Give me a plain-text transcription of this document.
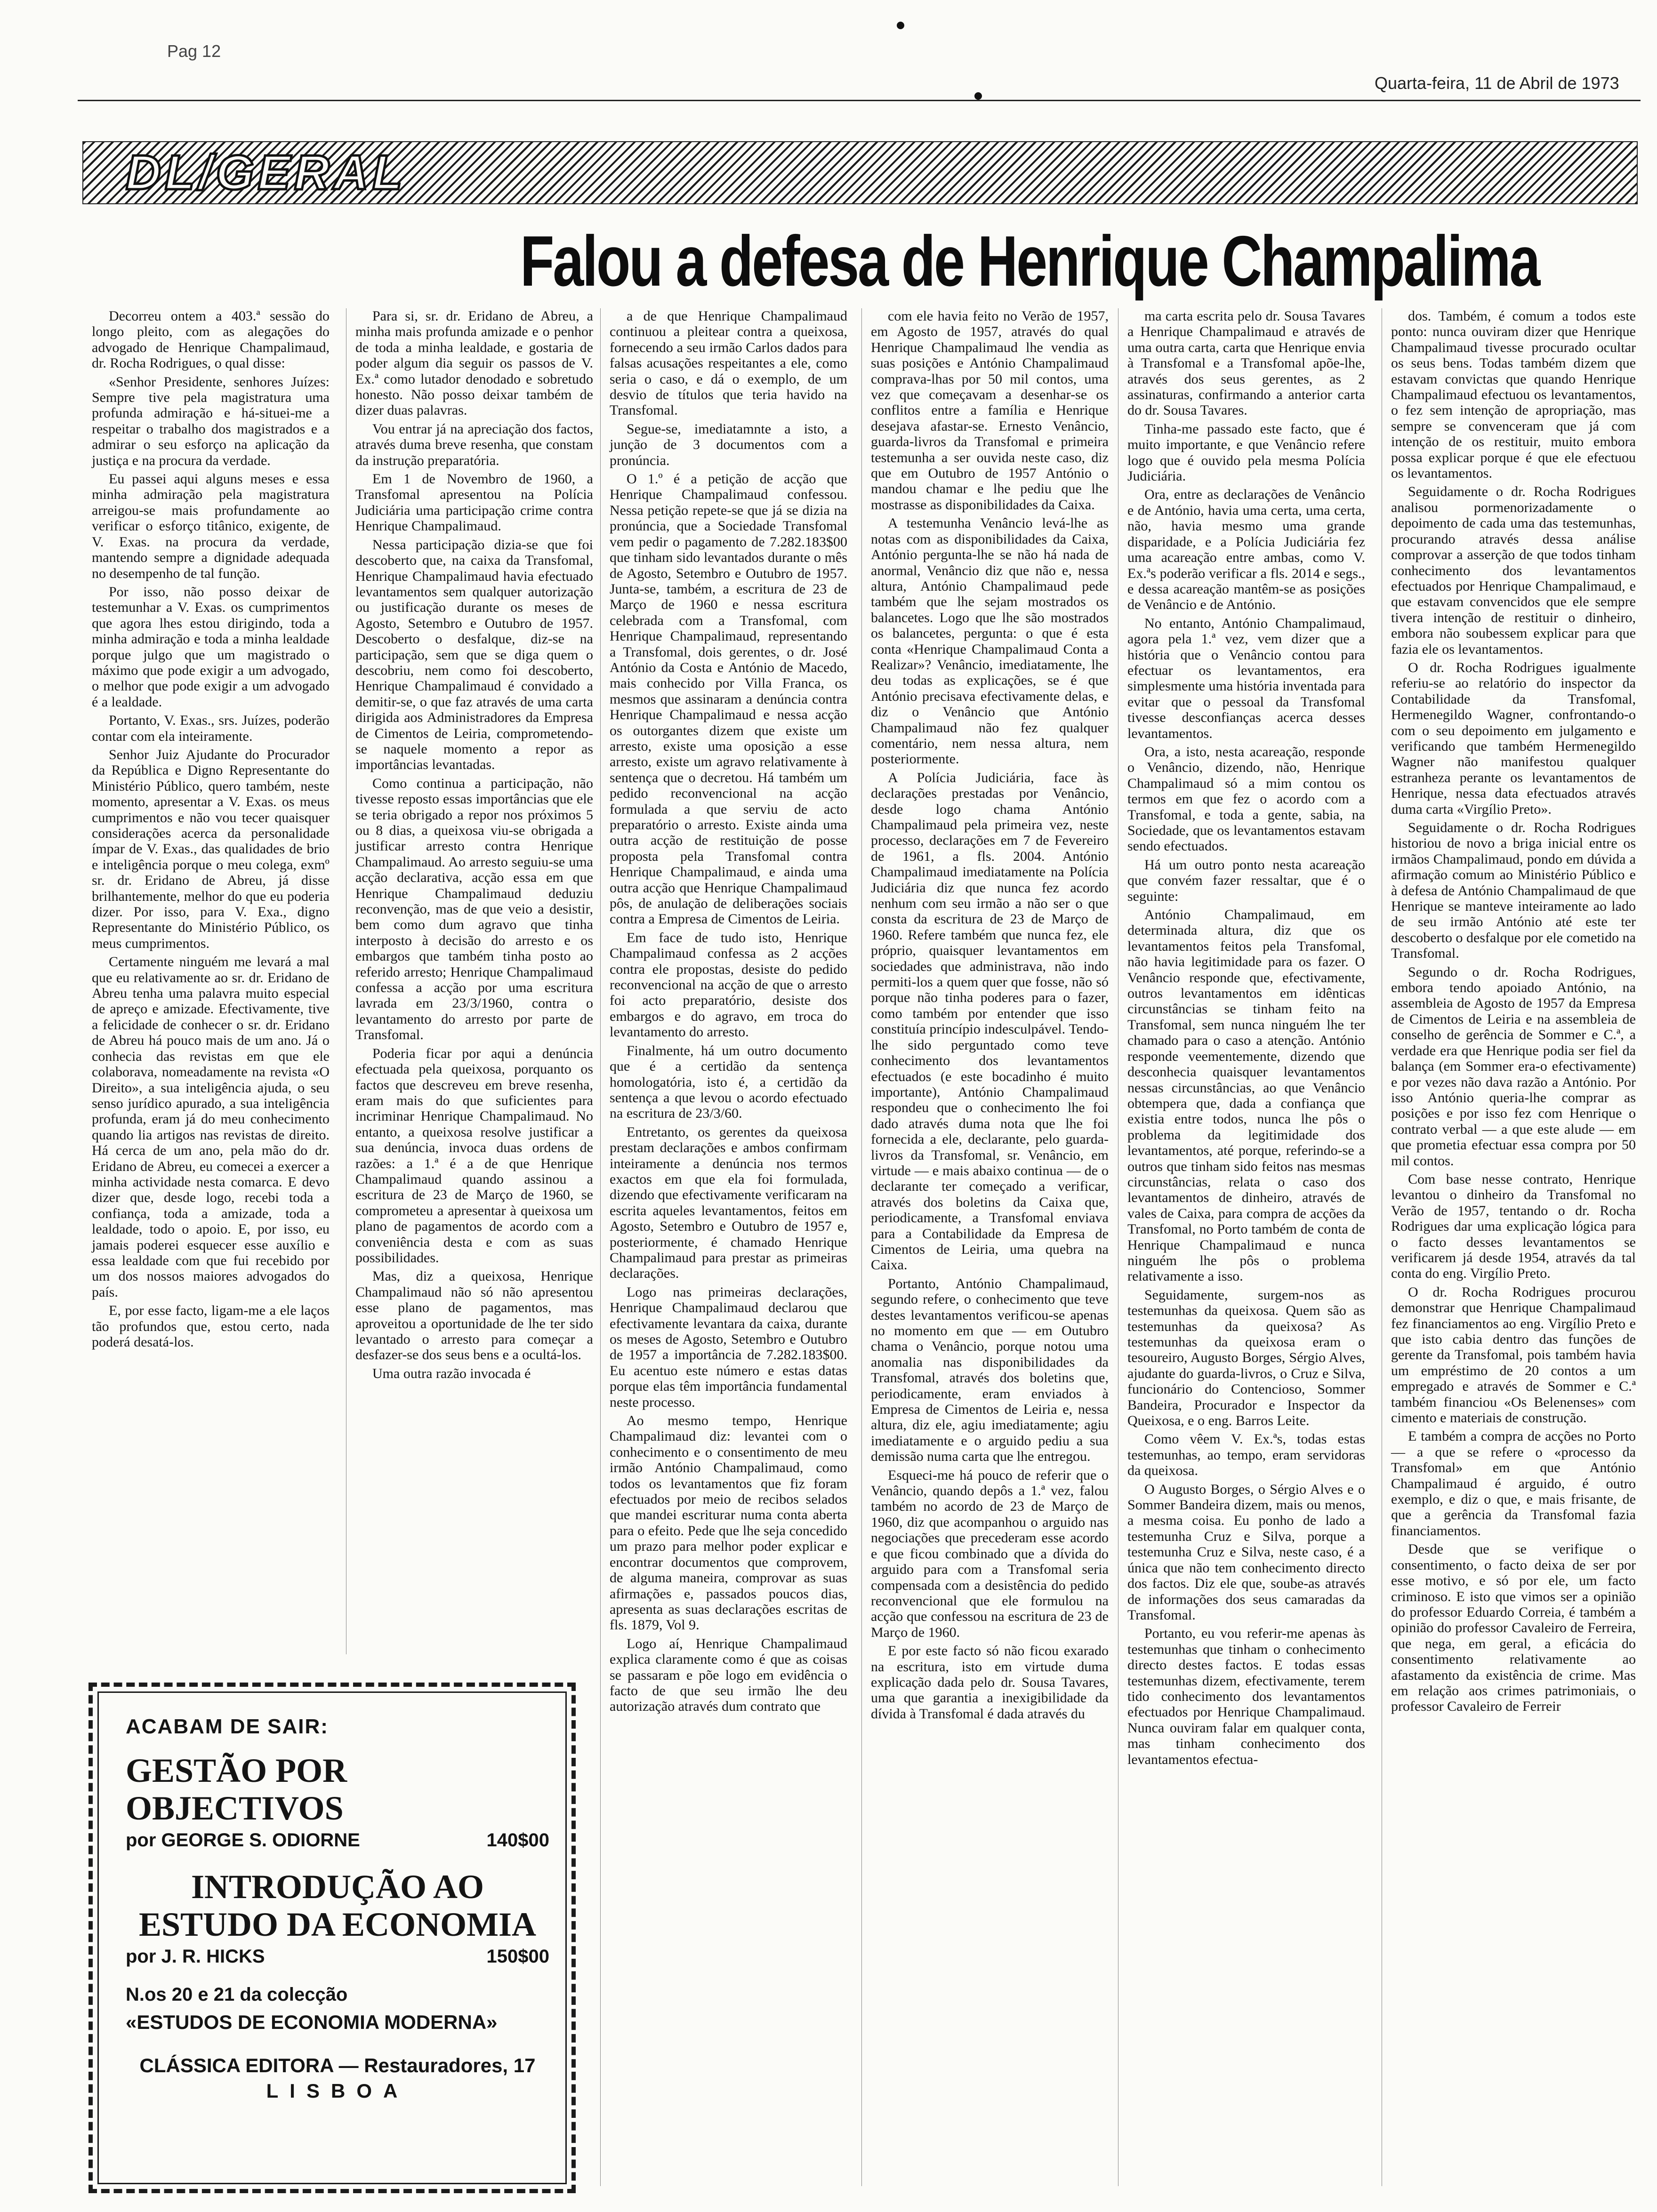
Pag 12
Quarta-feira, 11 de Abril de 1973
DL/GERAL
Falou a defesa de Henrique Champalima

Decorreu ontem a 403.ª sessão do longo pleito, com as alegações do advogado de Henrique Champalimaud, dr. Rocha Rodrigues, o qual disse:

«Senhor Presidente, senhores Juízes: Sempre tive pela magistratura uma profunda admiração e há-situei-me a respeitar o trabalho dos magistrados e a admirar o seu esforço na aplicação da justiça e na procura da verdade.

Eu passei aqui alguns meses e essa minha admiração pela magistratura arreigou-se mais profundamente ao verificar o esforço titânico, exigente, de V. Exas. na procura da verdade, mantendo sempre a dignidade adequada no desempenho de tal função.

Por isso, não posso deixar de testemunhar a V. Exas. os cumprimentos que agora lhes estou dirigindo, toda a minha admiração e toda a minha lealdade porque julgo que um magistrado o máximo que pode exigir a um advogado, o melhor que pode exigir a um advogado é a lealdade.

Portanto, V. Exas., srs. Juízes, poderão contar com ela inteiramente.

Senhor Juiz Ajudante do Procurador da República e Digno Representante do Ministério Público, quero também, neste momento, apresentar a V. Exas. os meus cumprimentos e não vou tecer quaisquer considerações acerca da personalidade ímpar de V. Exas., das qualidades de brio e inteligência porque o meu colega, exmº sr. dr. Eridano de Abreu, já disse brilhantemente, melhor do que eu poderia dizer. Por isso, para V. Exa., digno Representante do Ministério Público, os meus cumprimentos.

Certamente ninguém me levará a mal que eu relativamente ao sr. dr. Eridano de Abreu tenha uma palavra muito especial de apreço e amizade. Efectivamente, tive a felicidade de conhecer o sr. dr. Eridano de Abreu há pouco mais de um ano. Já o conhecia das revistas em que ele colaborava, nomeadamente na revista «O Direito», a sua inteligência ajuda, o seu senso jurídico apurado, a sua inteligência profunda, eram já do meu conhecimento quando lia artigos nas revistas de direito. Há cerca de um ano, pela mão do dr. Eridano de Abreu, eu comecei a exercer a minha actividade nesta comarca. E devo dizer que, desde logo, recebi toda a confiança, toda a amizade, toda a lealdade, todo o apoio. E, por isso, eu jamais poderei esquecer esse auxílio e essa lealdade com que fui recebido por um dos nossos maiores advogados do país.

E, por esse facto, ligam-me a ele laços tão profundos que, estou certo, nada poderá desatá-los.

Para si, sr. dr. Eridano de Abreu, a minha mais profunda amizade e o penhor de toda a minha lealdade, e gostaria de poder algum dia seguir os passos de V. Ex.ª como lutador denodado e sobretudo honesto. Não posso deixar também de dizer duas palavras.

Vou entrar já na apreciação dos factos, através duma breve resenha, que constam da instrução preparatória.

Em 1 de Novembro de 1960, a Transfomal apresentou na Polícia Judiciária uma participação crime contra Henrique Champalimaud.

Nessa participação dizia-se que foi descoberto que, na caixa da Transfomal, Henrique Champalimaud havia efectuado levantamentos sem qualquer autorização ou justificação durante os meses de Agosto, Setembro e Outubro de 1957. Descoberto o desfalque, diz-se na participação, sem que se diga quem o descobriu, nem como foi descoberto, Henrique Champalimaud é convidado a demitir-se, o que faz através de uma carta dirigida aos Administradores da Empresa de Cimentos de Leiria, comprometendo-se naquele momento a repor as importâncias levantadas.

Como continua a participação, não tivesse reposto essas importâncias que ele se teria obrigado a repor nos próximos 5 ou 8 dias, a queixosa viu-se obrigada a justificar arresto contra Henrique Champalimaud. Ao arresto seguiu-se uma acção declarativa, acção essa em que Henrique Champalimaud deduziu reconvenção, mas de que veio a desistir, bem como dum agravo que tinha interposto à decisão do arresto e os embargos que também tinha posto ao referido arresto; Henrique Champalimaud confessa a acção por uma escritura lavrada em 23/3/1960, contra o levantamento do arresto por parte de Transfomal.

Poderia ficar por aqui a denúncia efectuada pela queixosa, porquanto os factos que descreveu em breve resenha, eram mais do que suficientes para incriminar Henrique Champalimaud. No entanto, a queixosa resolve justificar a sua denúncia, invoca duas ordens de razões: a 1.ª é a de que Henrique Champalimaud quando assinou a escritura de 23 de Março de 1960, se comprometeu a apresentar à queixosa um plano de pagamentos de acordo com a conveniência desta e com as suas possibilidades.

Mas, diz a queixosa, Henrique Champalimaud não só não apresentou esse plano de pagamentos, mas aproveitou a oportunidade de lhe ter sido levantado o arresto para começar a desfazer-se dos seus bens e a ocultá-los.

Uma outra razão invocada é

a de que Henrique Champalimaud continuou a pleitear contra a queixosa, fornecendo a seu irmão Carlos dados para falsas acusações respeitantes a ele, como seria o caso, e dá o exemplo, de um desvio de títulos que teria havido na Transfomal.

Segue-se, imediatamnte a isto, a junção de 3 documentos com a pronúncia.

O 1.º é a petição de acção que Henrique Champalimaud confessou. Nessa petição repete-se que já se dizia na pronúncia, que a Sociedade Transfomal vem pedir o pagamento de 7.282.183$00 que tinham sido levantados durante o mês de Agosto, Setembro e Outubro de 1957. Junta-se, também, a escritura de 23 de Março de 1960 e nessa escritura celebrada com a Transfomal, com Henrique Champalimaud, representando a Transfomal, dois gerentes, o dr. José António da Costa e António de Macedo, mais conhecido por Villa Franca, os mesmos que assinaram a denúncia contra Henrique Champalimaud e nessa acção os outorgantes dizem que existe um arresto, existe uma oposição a esse arresto, existe um agravo relativamente à sentença que o decretou. Há também um pedido reconvencional na acção formulada a que serviu de acto preparatório o arresto. Existe ainda uma outra acção de restituição de posse proposta pela Transfomal contra Henrique Champalimaud, e ainda uma outra acção que Henrique Champalimaud pôs, de anulação de deliberações sociais contra a Empresa de Cimentos de Leiria.

Em face de tudo isto, Henrique Champalimaud confessa as 2 acções contra ele propostas, desiste do pedido reconvencional na acção de que o arresto foi acto preparatório, desiste dos embargos e do agravo, em troca do levantamento do arresto.

Finalmente, há um outro documento que é a certidão da sentença homologatória, isto é, a certidão da sentença a que levou o acordo efectuado na escritura de 23/3/60.

Entretanto, os gerentes da queixosa prestam declarações e ambos confirmam inteiramente a denúncia nos termos exactos em que ela foi formulada, dizendo que efectivamente verificaram na escrita aqueles levantamentos, feitos em Agosto, Setembro e Outubro de 1957 e, posteriormente, é chamado Henrique Champalimaud para prestar as primeiras declarações.

Logo nas primeiras declarações, Henrique Champalimaud declarou que efectivamente levantara da caixa, durante os meses de Agosto, Setembro e Outubro de 1957 a importância de 7.282.183$00. Eu acentuo este número e estas datas porque elas têm importância fundamental neste processo.

Ao mesmo tempo, Henrique Champalimaud diz: levantei com o conhecimento e o consentimento de meu irmão António Champalimaud, como todos os levantamentos que fiz foram efectuados por meio de recibos selados que mandei escriturar numa conta aberta para o efeito. Pede que lhe seja concedido um prazo para melhor poder explicar e encontrar documentos que comprovem, de alguma maneira, comprovar as suas afirmações e, passados poucos dias, apresenta as suas declarações escritas de fls. 1879, Vol 9.

Logo aí, Henrique Champalimaud explica claramente como é que as coisas se passaram e põe logo em evidência o facto de que seu irmão lhe deu autorização através dum contrato que

com ele havia feito no Verão de 1957, em Agosto de 1957, através do qual Henrique Champalimaud lhe vendia as suas posições e António Champalimaud comprava-lhas por 50 mil contos, uma vez que começavam a desenhar-se os conflitos entre a família e Henrique desejava afastar-se. Ernesto Venâncio, guarda-livros da Transfomal e primeira testemunha a ser ouvida neste caso, diz que em Outubro de 1957 António o mandou chamar e lhe pediu que lhe mostrasse as disponibilidades da Caixa.

A testemunha Venâncio levá-lhe as notas com as disponibilidades da Caixa, António pergunta-lhe se não há nada de anormal, Venâncio diz que não e, nessa altura, António Champalimaud pede também que lhe sejam mostrados os balancetes. Logo que lhe são mostrados os balancetes, pergunta: o que é esta conta «Henrique Champalimaud Conta a Realizar»? Venâncio, imediatamente, lhe deu todas as explicações, se é que António precisava efectivamente delas, e diz o Venâncio que António Champalimaud não fez qualquer comentário, nem nessa altura, nem posteriormente.

A Polícia Judiciária, face às declarações prestadas por Venâncio, desde logo chama António Champalimaud pela primeira vez, neste processo, declarações em 7 de Fevereiro de 1961, a fls. 2004. António Champalimaud imediatamente na Polícia Judiciária diz que nunca fez acordo nenhum com seu irmão a não ser o que consta da escritura de 23 de Março de 1960. Refere também que nunca fez, ele próprio, quaisquer levantamentos em sociedades que administrava, não indo permiti-los a quem quer que fosse, não só porque não tinha poderes para o fazer, como também por entender que isso constituía princípio indesculpável. Tendo-lhe sido perguntado como teve conhecimento dos levantamentos efectuados (e este bocadinho é muito importante), António Champalimaud respondeu que o conhecimento lhe foi dado através duma nota que lhe foi fornecida a ele, declarante, pelo guarda-livros da Transfomal, sr. Venâncio, em virtude — e mais abaixo continua — de o declarante ter começado a verificar, através dos boletins da Caixa que, periodicamente, a Transfomal enviava para a Contabilidade da Empresa de Cimentos de Leiria, uma quebra na Caixa.

Portanto, António Champalimaud, segundo refere, o conhecimento que teve destes levantamentos verificou-se apenas no momento em que — em Outubro chama o Venâncio, porque notou uma anomalia nas disponibilidades da Transfomal, através dos boletins que, periodicamente, eram enviados à Empresa de Cimentos de Leiria e, nessa altura, diz ele, agiu imediatamente; agiu imediatamente e o arguido pediu a sua demissão numa carta que lhe entregou.

Esqueci-me há pouco de referir que o Venâncio, quando depôs a 1.ª vez, falou também no acordo de 23 de Março de 1960, diz que acompanhou o arguido nas negociações que precederam esse acordo e que ficou combinado que a dívida do arguido para com a Transfomal seria compensada com a desistência do pedido reconvencional que ele formulou na acção que confessou na escritura de 23 de Março de 1960.

E por este facto só não ficou exarado na escritura, isto em virtude duma explicação dada pelo dr. Sousa Tavares, uma que garantia a inexigibilidade da dívida à Transfomal é dada através du

ma carta escrita pelo dr. Sousa Tavares a Henrique Champalimaud e através de uma outra carta, carta que Henrique envia à Transfomal e a Transfomal apõe-lhe, através dos seus gerentes, as 2 assinaturas, confirmando a anterior carta do dr. Sousa Tavares.

Tinha-me passado este facto, que é muito importante, e que Venâncio refere logo que é ouvido pela mesma Polícia Judiciária.

Ora, entre as declarações de Venâncio e de António, havia uma certa, uma certa, não, havia mesmo uma grande disparidade, e a Polícia Judiciária fez uma acareação entre ambas, como V. Ex.ªs poderão verificar a fls. 2014 e segs., e dessa acareação mantêm-se as posições de Venâncio e de António.

No entanto, António Champalimaud, agora pela 1.ª vez, vem dizer que a história que o Venâncio contou para efectuar os levantamentos, era simplesmente uma história inventada para evitar que o pessoal da Transfomal tivesse desconfianças acerca desses levantamentos.

Ora, a isto, nesta acareação, responde o Venâncio, dizendo, não, Henrique Champalimaud só a mim contou os termos em que fez o acordo com a Transfomal, e toda a gente, sabia, na Sociedade, que os levantamentos estavam sendo efectuados.

Há um outro ponto nesta acareação que convém fazer ressaltar, que é o seguinte:

António Champalimaud, em determinada altura, diz que os levantamentos feitos pela Transfomal, não havia legitimidade para os fazer. O Venâncio responde que, efectivamente, outros levantamentos em idênticas circunstâncias se tinham feito na Transfomal, sem nunca ninguém lhe ter chamado para o caso a atenção. António responde veementemente, dizendo que desconhecia quaisquer levantamentos nessas circunstâncias, ao que Venâncio obtempera que, dada a confiança que existia entre todos, nunca lhe pôs o problema da legitimidade dos levantamentos, até porque, referindo-se a outros que tinham sido feitos nas mesmas circunstâncias, relata o caso dos levantamentos de dinheiro, através de vales de Caixa, para compra de acções da Transfomal, no Porto também de conta de Henrique Champalimaud e nunca ninguém lhe pôs o problema relativamente a isso.

Seguidamente, surgem-nos as testemunhas da queixosa. Quem são as testemunhas da queixosa? As testemunhas da queixosa eram o tesoureiro, Augusto Borges, Sérgio Alves, ajudante do guarda-livros, o Cruz e Silva, funcionário do Contencioso, Sommer Bandeira, Procurador e Inspector da Queixosa, e o eng. Barros Leite.

Como vêem V. Ex.ªs, todas estas testemunhas, ao tempo, eram servidoras da queixosa.

O Augusto Borges, o Sérgio Alves e o Sommer Bandeira dizem, mais ou menos, a mesma coisa. Eu ponho de lado a testemunha Cruz e Silva, porque a testemunha Cruz e Silva, neste caso, é a única que não tem conhecimento directo dos factos. Diz ele que, soube-as através de informações dos seus camaradas da Transfomal.

Portanto, eu vou referir-me apenas às testemunhas que tinham o conhecimento directo destes factos. E todas essas testemunhas dizem, efectivamente, terem tido conhecimento dos levantamentos efectuados por Henrique Champalimaud. Nunca ouviram falar em qualquer conta, mas tinham conhecimento dos levantamentos efectua-

dos. Também, é comum a todos este ponto: nunca ouviram dizer que Henrique Champalimaud tivesse procurado ocultar os seus bens. Todas também dizem que estavam convictas que quando Henrique Champalimaud efectuou os levantamentos, o fez sem intenção de apropriação, mas sempre se convenceram que já com intenção de os restituir, muito embora possa explicar porque é que ele efectuou os levantamentos.

Seguidamente o dr. Rocha Rodrigues analisou pormenorizadamente o depoimento de cada uma das testemunhas, procurando através dessa análise comprovar a asserção de que todos tinham conhecimento dos levantamentos efectuados por Henrique Champalimaud, e que estavam convencidos que ele sempre tivera intenção de restituir o dinheiro, embora não soubessem explicar para que fazia ele os levantamentos.

O dr. Rocha Rodrigues igualmente referiu-se ao relatório do inspector da Contabilidade da Transfomal, Hermenegildo Wagner, confrontando-o com o seu depoimento em julgamento e verificando que também Hermenegildo Wagner não manifestou qualquer estranheza perante os levantamentos de Henrique, nessa data efectuados através duma carta «Virgílio Preto».

Seguidamente o dr. Rocha Rodrigues historiou de novo a briga inicial entre os irmãos Champalimaud, pondo em dúvida a afirmação comum ao Ministério Público e à defesa de António Champalimaud de que Henrique se manteve inteiramente ao lado de seu irmão António até este ter descoberto o desfalque por ele cometido na Transfomal.

Segundo o dr. Rocha Rodrigues, embora tendo apoiado António, na assembleia de Agosto de 1957 da Empresa de Cimentos de Leiria e na assembleia de conselho de gerência de Sommer e C.ª, a verdade era que Henrique podia ser fiel da balança (em Sommer era-o efectivamente) e por vezes não dava razão a António. Por isso António queria-lhe comprar as posições e por isso fez com Henrique o contrato verbal — a que este alude — em que prometia efectuar essa compra por 50 mil contos.

Com base nesse contrato, Henrique levantou o dinheiro da Transfomal no Verão de 1957, tentando o dr. Rocha Rodrigues dar uma explicação lógica para o facto desses levantamentos se verificarem já desde 1954, através da tal conta do eng. Virgílio Preto.

O dr. Rocha Rodrigues procurou demonstrar que Henrique Champalimaud fez financiamentos ao eng. Virgílio Preto e que isto cabia dentro das funções de gerente da Transfomal, pois também havia um empréstimo de 20 contos a um empregado e através de Sommer e C.ª também financiou «Os Belenenses» com cimento e materiais de construção.

E também a compra de acções no Porto — a que se refere o «processo da Transfomal» em que António Champalimaud é arguido, é outro exemplo, e diz o que, e mais frisante, de que a gerência da Transfomal fazia financiamentos.

Desde que se verifique o consentimento, o facto deixa de ser por esse motivo, e só por ele, um facto criminoso. E isto que vimos ser a opinião do professor Eduardo Correia, é também a opinião do professor Cavaleiro de Ferreira, que nega, em geral, a eficácia do consentimento relativamente ao afastamento da existência de crime. Mas em relação aos crimes patrimoniais, o professor Cavaleiro de Ferreir

ACABAM DE SAIR:
GESTÃO POR OBJECTIVOS
por GEORGE S. ODIORNE	140$00
INTRODUÇÃO AO ESTUDO DA ECONOMIA
por J. R. HICKS	150$00
N.os 20 e 21 da colecção
«ESTUDOS DE ECONOMIA MODERNA»
CLÁSSICA EDITORA — Restauradores, 17
LISBOA
